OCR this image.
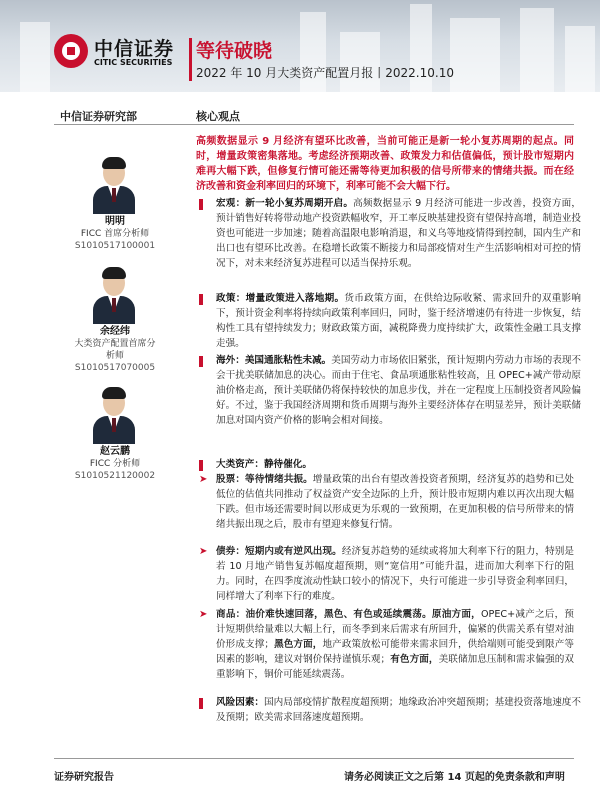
中信证券
CITIC SECURITIES
等待破晓
2022 年 10 月大类资产配置月报丨2022.10.10
中信证券研究部	核心观点
明明
FICC 首席分析师
S1010517100001
余经纬
大类资产配置首席分析师
S1010517070005
赵云鹏
FICC 分析师
S1010521120002
高频数据显示 9 月经济有望环比改善，当前可能正是新一轮小复苏周期的起点。同时，增量政策密集落地。考虑经济预期改善、政策发力和估值偏低，预计股市短期内难再大幅下跌，但修复行情可能还需等待更加积极的信号所带来的情绪共振。而在经济改善和资金利率回归的环境下，利率可能不会大幅下行。
宏观：新一轮小复苏周期开启。高频数据显示 9 月经济可能进一步改善，投资方面，预计销售好转将带动地产投资跌幅收窄，开工率反映基建投资有望保持高增，制造业投资也可能进一步加速；随着高温限电影响消退，和义乌等地疫情得到控制，国内生产和出口也有望环比改善。在稳增长政策不断接力和局部疫情对生产生活影响相对可控的情况下，对未来经济复苏进程可以适当保持乐观。
政策：增量政策进入落地期。货币政策方面，在供给边际收紧、需求回升的双重影响下，预计资金利率将持续向政策利率回归，同时，鉴于经济增速仍有待进一步恢复，结构性工具有望持续发力；财政政策方面，减税降费力度持续扩大，政策性金融工具支撑走强。
海外：美国通胀粘性未减。美国劳动力市场依旧紧张，预计短期内劳动力市场的表现不会干扰美联储加息的决心。而由于住宅、食品项通胀粘性较高，且 OPEC+减产带动原油价格走高，预计美联储仍将保持较快的加息步伐，并在一定程度上压制投资者风险偏好。不过，鉴于我国经济周期和货币周期与海外主要经济体存在明显差异，预计美联储加息对国内资产价格的影响会相对间接。
大类资产：静待催化。
➤ 股票：等待情绪共振。增量政策的出台有望改善投资者预期，经济复苏的趋势和已处低位的估值共同推动了权益资产安全边际的上升，预计股市短期内难以再次出现大幅下跌。但市场还需要时间以形成更为乐观的一致预期，在更加积极的信号所带来的情绪共振出现之后，股市有望迎来修复行情。
➤ 债券：短期内或有逆风出现。经济复苏趋势的延续或将加大利率下行的阻力，特别是若 10 月地产销售复苏幅度超预期，则“宽信用”可能升温，进而加大利率下行的阻力。同时，在四季度流动性缺口较小的情况下，央行可能进一步引导资金利率回归，同样增大了利率下行的难度。
➤ 商品：油价难快速回落，黑色、有色或延续震荡。原油方面，OPEC+减产之后，预计短期供给量难以大幅上行，而冬季到来后需求有所回升，偏紧的供需关系有望对油价形成支撑；黑色方面，地产政策放松可能带来需求回升，供给端则可能受到限产等因素的影响，建议对钢价保持谨慎乐观；有色方面，美联储加息压制和需求偏强的双重影响下，铜价可能延续震荡。
风险因素：国内局部疫情扩散程度超预期；地缘政治冲突超预期；基建投资落地速度不及预期；欧美需求回落速度超预期。
证券研究报告	请务必阅读正文之后第 14 页起的免责条款和声明
